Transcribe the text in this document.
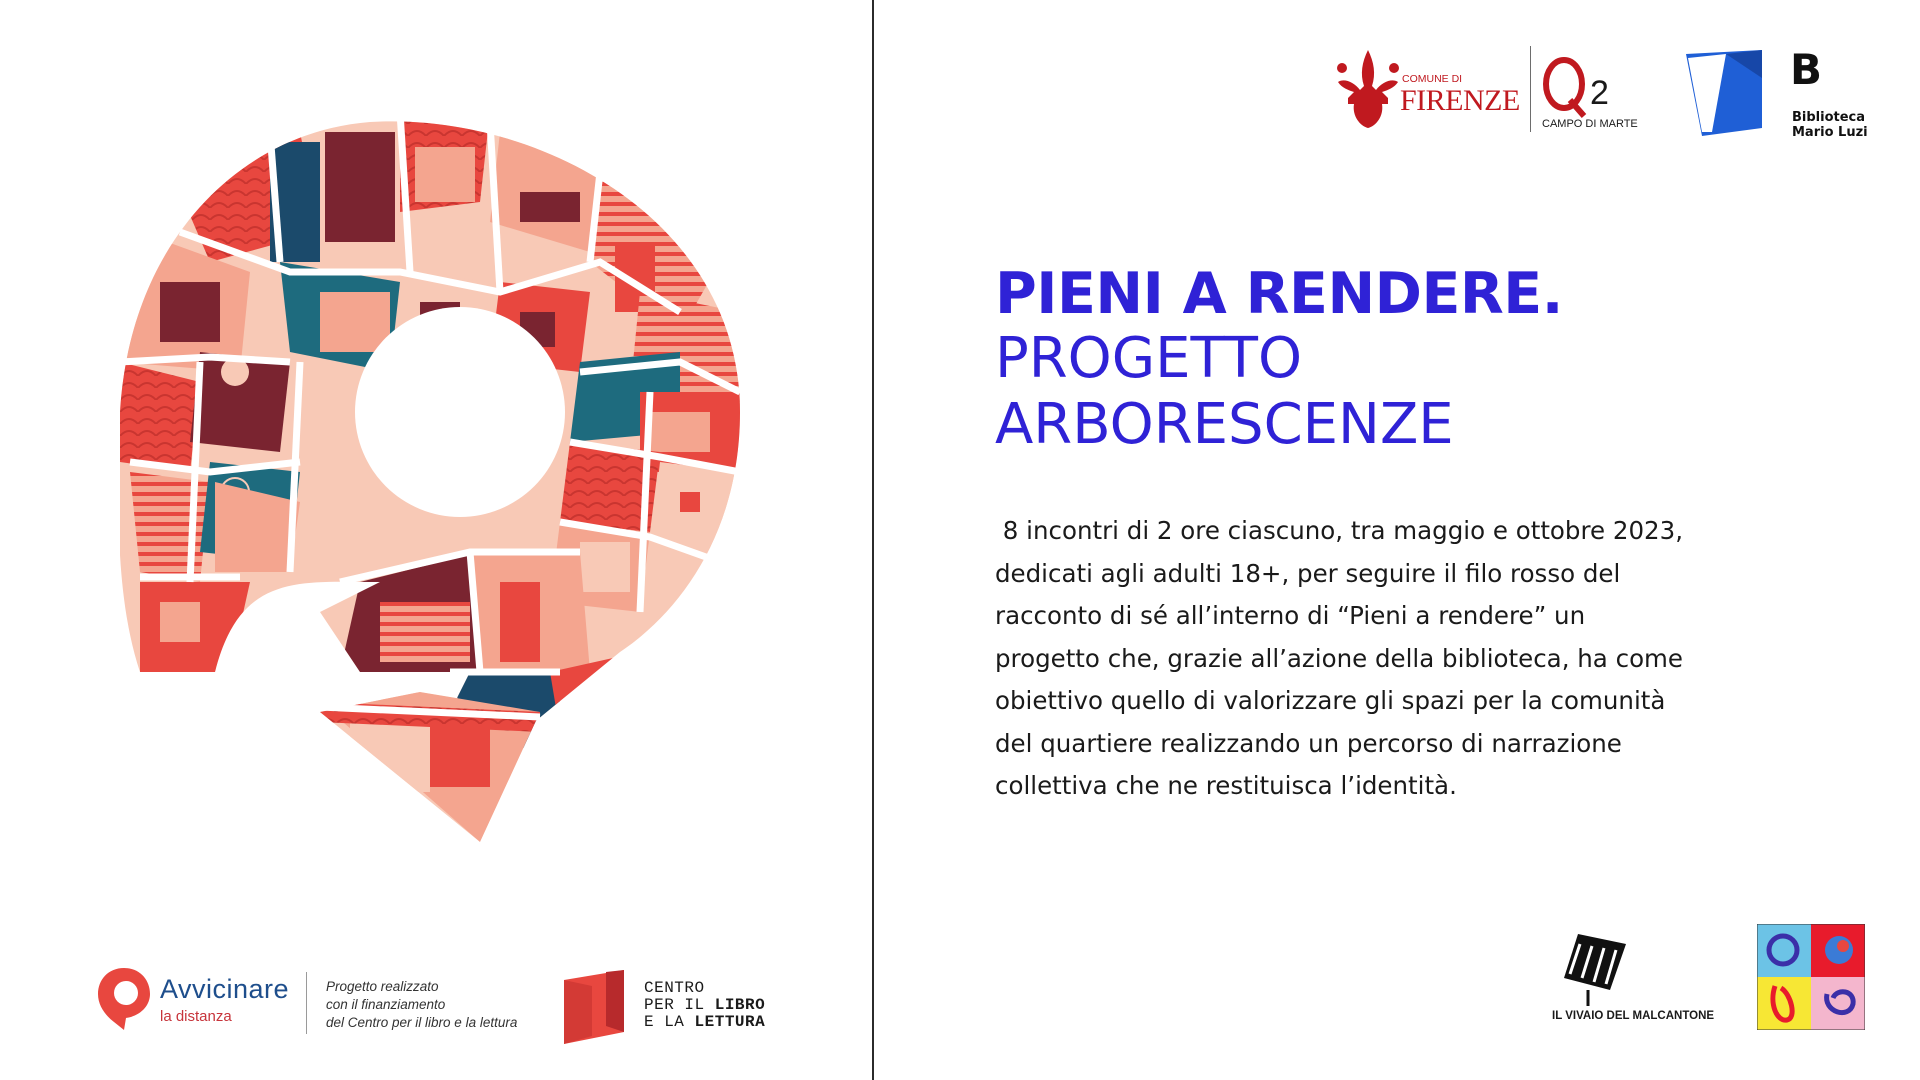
COMUNE DI
FIRENZE 2
CAMPO DI MARTE
B
Biblioteca
Mario Luzi
PIENI A RENDERE.
PROGETTO
ARBORESCENZE
8 incontri di 2 ore ciascuno, tra maggio e ottobre 2023, dedicati agli adulti 18+, per seguire il filo rosso del racconto di sé all’interno di “Pieni a rendere” un progetto che, grazie all’azione della biblioteca, ha come obiettivo quello di valorizzare gli spazi per la comunità del quartiere realizzando un percorso di narrazione collettiva che ne restituisca l’identità.
Avvicinare
la distanza
Progetto realizzato
con il finanziamento
del Centro per il libro e la lettura
CENTRO
PER IL LIBRO
E LA LETTURA	IL VIVAIO DEL MALCANTONE
